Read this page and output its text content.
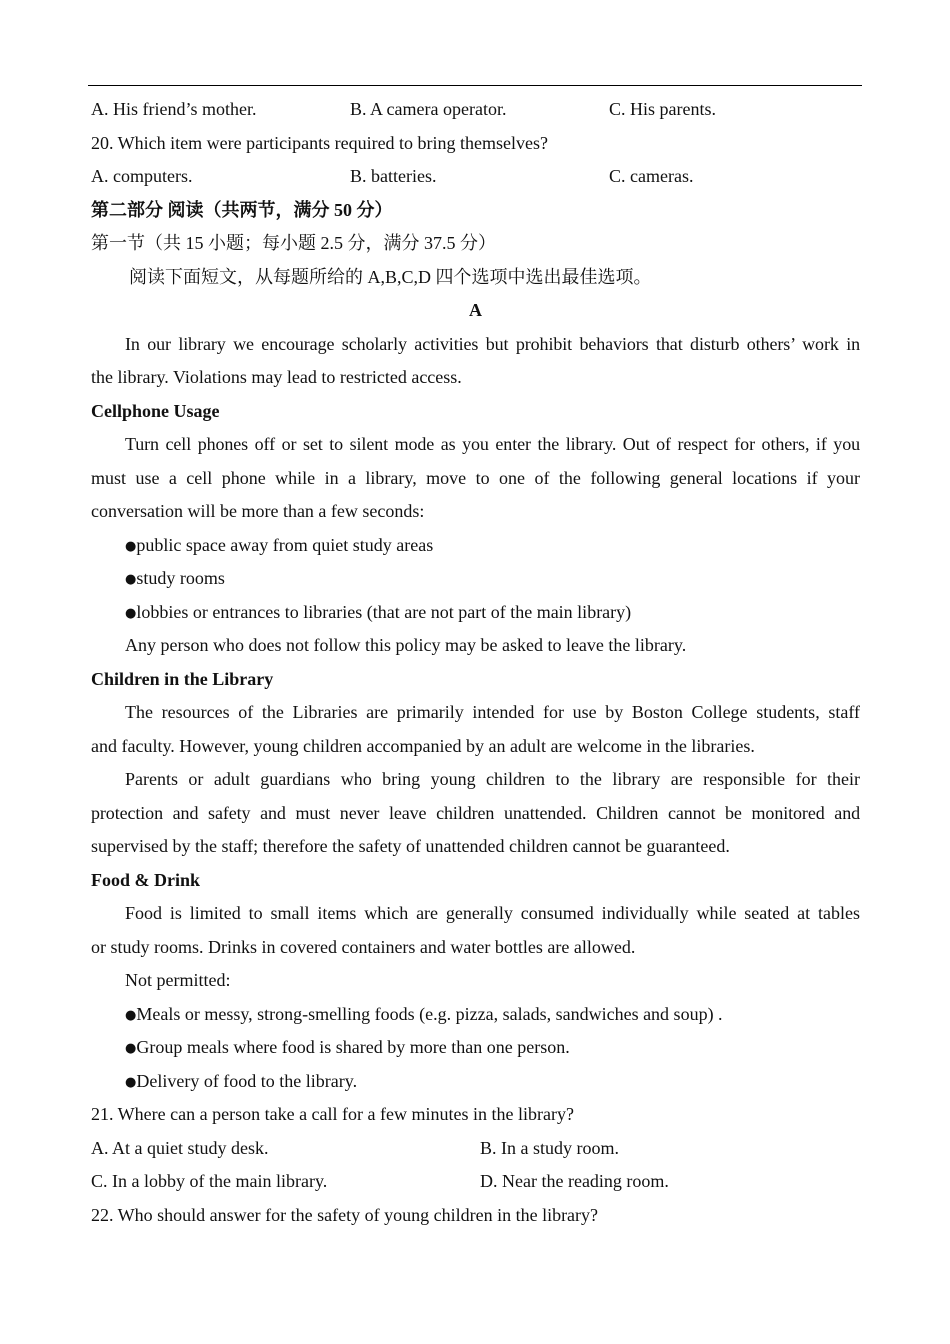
A. His friend’s mother.	B. A camera operator.	C. His parents.
20. Which item were participants required to bring themselves?
A. computers.	B. batteries.	C. cameras.
第二部分 阅读（共两节，满分 50 分）
第一节（共 15 小题；每小题 2.5 分，满分 37.5 分）
阅读下面短文，从每题所给的 A,B,C,D 四个选项中选出最佳选项。
A
In our library we encourage scholarly activities but prohibit behaviors that disturb others’ work in
the library. Violations may lead to restricted access.
Cellphone Usage
Turn cell phones off or set to silent mode as you enter the library. Out of respect for others, if you
must use a cell phone while in a library, move to one of the following general locations if your
conversation will be more than a few seconds:
●public space away from quiet study areas
●study rooms
●lobbies or entrances to libraries (that are not part of the main library)
Any person who does not follow this policy may be asked to leave the library.
Children in the Library
The resources of the Libraries are primarily intended for use by Boston College students, staff
and faculty. However, young children accompanied by an adult are welcome in the libraries.
Parents or adult guardians who bring young children to the library are responsible for their
protection and safety and must never leave children unattended. Children cannot be monitored and
supervised by the staff; therefore the safety of unattended children cannot be guaranteed.
Food & Drink
Food is limited to small items which are generally consumed individually while seated at tables
or study rooms. Drinks in covered containers and water bottles are allowed.
Not permitted:
●Meals or messy, strong-smelling foods (e.g. pizza, salads, sandwiches and soup) .
●Group meals where food is shared by more than one person.
●Delivery of food to the library.
21. Where can a person take a call for a few minutes in the library?
A. At a quiet study desk.	B. In a study room.
C. In a lobby of the main library.	D. Near the reading room.
22. Who should answer for the safety of young children in the library?
